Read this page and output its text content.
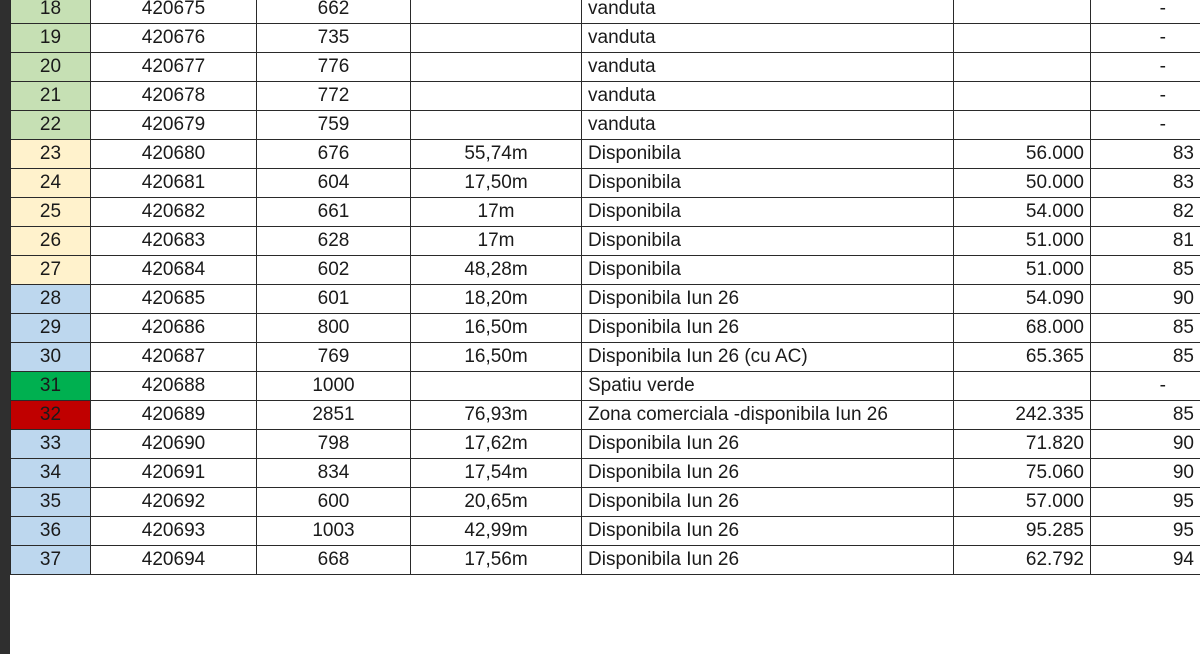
18	420675	662		vanduta		-
19	420676	735		vanduta		-
20	420677	776		vanduta		-
21	420678	772		vanduta		-
22	420679	759		vanduta		-
23	420680	676	55,74m	Disponibila	56.000	83
24	420681	604	17,50m	Disponibila	50.000	83
25	420682	661	17m	Disponibila	54.000	82
26	420683	628	17m	Disponibila	51.000	81
27	420684	602	48,28m	Disponibila	51.000	85
28	420685	601	18,20m	Disponibila Iun 26	54.090	90
29	420686	800	16,50m	Disponibila Iun 26	68.000	85
30	420687	769	16,50m	Disponibila Iun 26 (cu AC)	65.365	85
31	420688	1000		Spatiu verde		-
32	420689	2851	76,93m	Zona comerciala -disponibila Iun 26	242.335	85
33	420690	798	17,62m	Disponibila Iun 26	71.820	90
34	420691	834	17,54m	Disponibila Iun 26	75.060	90
35	420692	600	20,65m	Disponibila Iun 26	57.000	95
36	420693	1003	42,99m	Disponibila Iun 26	95.285	95
37	420694	668	17,56m	Disponibila Iun 26	62.792	94
